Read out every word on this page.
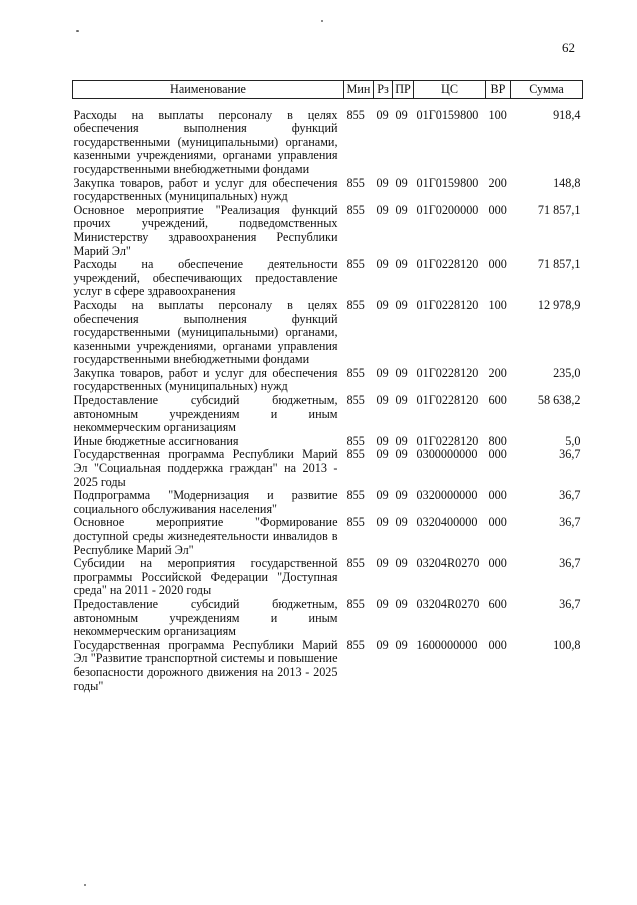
62
Наименование	Мин	Рз	ПР	ЦС	ВР	Сумма
Расходы на выплаты персоналу в целях обеспечения выполнения функций государственными (муниципальными) органами, казенными учреждениями, органами управления государственными внебюджетными фондами	855	09	09	01Г0159800	100	918,4
Закупка товаров, работ и услуг для обеспечения государственных (муниципальных) нужд	855	09	09	01Г0159800	200	148,8
Основное мероприятие "Реализация функций прочих учреждений, подведомственных Министерству здравоохранения Республики Марий Эл"	855	09	09	01Г0200000	000	71 857,1
Расходы на обеспечение деятельности учреждений, обеспечивающих предоставление услуг в сфере здравоохранения	855	09	09	01Г0228120	000	71 857,1
Расходы на выплаты персоналу в целях обеспечения выполнения функций государственными (муниципальными) органами, казенными учреждениями, органами управления государственными внебюджетными фондами	855	09	09	01Г0228120	100	12 978,9
Закупка товаров, работ и услуг для обеспечения государственных (муниципальных) нужд	855	09	09	01Г0228120	200	235,0
Предоставление субсидий бюджетным, автономным учреждениям и иным некоммерческим организациям	855	09	09	01Г0228120	600	58 638,2
Иные бюджетные ассигнования	855	09	09	01Г0228120	800	5,0
Государственная программа Республики Марий Эл "Социальная поддержка граждан" на 2013 - 2025 годы	855	09	09	0300000000	000	36,7
Подпрограмма "Модернизация и развитие социального обслуживания населения"	855	09	09	0320000000	000	36,7
Основное мероприятие "Формирование доступной среды жизнедеятельности инвалидов в Республике Марий Эл"	855	09	09	0320400000	000	36,7
Субсидии на мероприятия государственной программы Российской Федерации "Доступная среда" на 2011 - 2020 годы	855	09	09	03204R0270	000	36,7
Предоставление субсидий бюджетным, автономным учреждениям и иным некоммерческим организациям	855	09	09	03204R0270	600	36,7
Государственная программа Республики Марий Эл "Развитие транспортной системы и повышение безопасности дорожного движения на 2013 - 2025 годы"	855	09	09	1600000000	000	100,8
